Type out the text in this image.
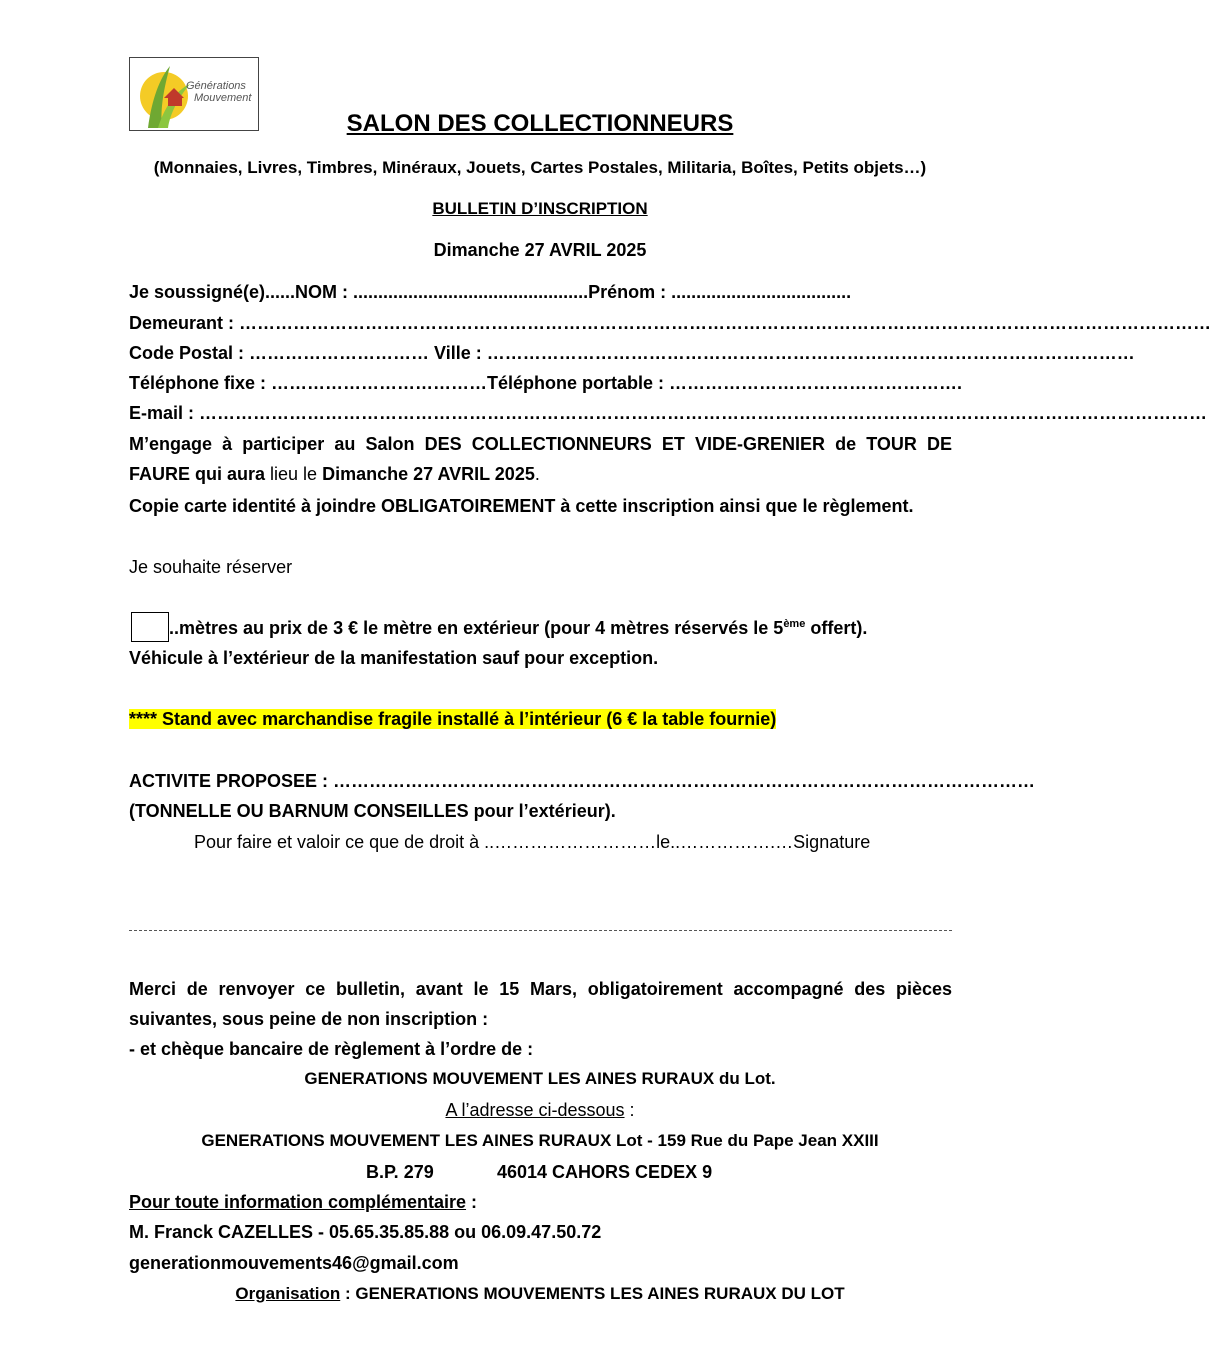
Générations
Mouvement
SALON DES COLLECTIONNEURS
(Monnaies, Livres, Timbres, Minéraux, Jouets, Cartes Postales, Militaria, Boîtes, Petits objets…)
BULLETIN D’INSCRIPTION
Dimanche 27 AVRIL 2025
Je soussigné(e)......NOM : ...............................................Prénom : ....................................
Demeurant : ………………………………………………………………………………………………………………………………………………
Code Postal : ………………………… Ville : ………………………………………………………………………………………………
Téléphone fixe : ………………………………Téléphone portable : ………………………………………….
E-mail : ……………………………………………………………………………………………………………………………………………………
M’engage à participer au Salon DES COLLECTIONNEURS ET VIDE-GRENIER de TOUR DE FAURE qui aura lieu le Dimanche 27 AVRIL 2025.
Copie carte identité à joindre OBLIGATOIREMENT à cette inscription ainsi que le règlement.
Je souhaite réserver
..mètres au prix de 3 € le mètre en extérieur (pour 4 mètres réservés le 5ème offert).
Véhicule à l’extérieur de la manifestation sauf pour exception.
**** Stand avec marchandise fragile installé à l’intérieur (6 € la table fournie)
ACTIVITE PROPOSEE : ………………………………………………………………………………………………………
(TONNELLE OU BARNUM CONSEILLES pour l’extérieur).
Pour faire et valoir ce que de droit à ..………………………le..…………….…Signature
Merci de renvoyer ce bulletin, avant le 15 Mars, obligatoirement accompagné des pièces suivantes, sous peine de non inscription :
- et chèque bancaire de règlement à l’ordre de :
GENERATIONS MOUVEMENT LES AINES RURAUX du Lot.
A l’adresse ci-dessous :
GENERATIONS MOUVEMENT LES AINES RURAUX Lot - 159 Rue du Pape Jean XXIII
B.P. 279	46014 CAHORS CEDEX 9
Pour toute information complémentaire :
M. Franck CAZELLES - 05.65.35.85.88 ou 06.09.47.50.72
generationmouvements46@gmail.com
Organisation : GENERATIONS MOUVEMENTS LES AINES RURAUX DU LOT
